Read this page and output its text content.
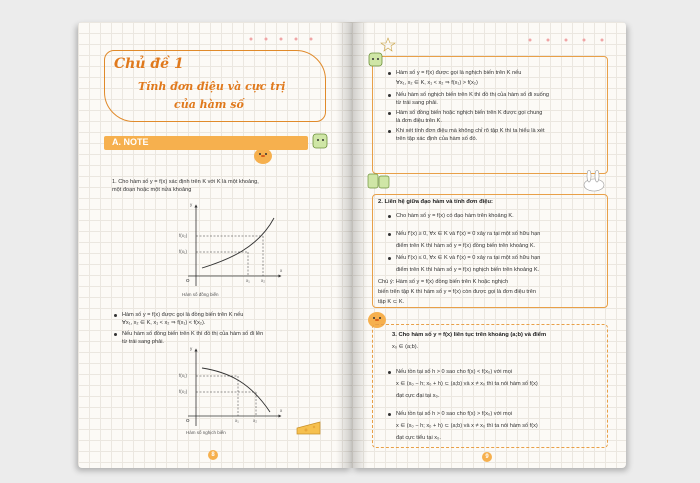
Chủ đề 1
Tính đơn điệu và cực trị
của hàm số
A. NOTE
1. Cho hàm số y = f(x) xác định trên K với K là một khoảng,
một đoạn hoặc một nửa khoảng
y
f(x₂)
f(x₁)
O	x₁ x₂
x
Hàm số đồng biến
Hàm số y = f(x) được gọi là đồng biến trên K nếu
∀x₁, x₂ ∈ K, x₁ < x₂ ⇒ f(x₁) < f(x₂).
Nếu hàm số đồng biến trên K thì đồ thị của hàm số đi lên
từ trái sang phải.
y
f(x₁)
f(x₂)
O	x₁	x₂
x
Hàm số nghịch biến
8
Hàm số y = f(x) được gọi là nghịch biến trên K nếu
∀x₁, x₂ ∈ K, x₁ < x₂ ⇒ f(x₁) > f(x₂)
Nếu hàm số nghịch biến trên K thì đồ thị của hàm số đi xuống
từ trái sang phải.
Hàm số đồng biến hoặc nghịch biến trên K được gọi chung
là đơn điệu trên K.
Khi xét tính đơn điệu mà không chỉ rõ tập K thì ta hiểu là xét
trên tập xác định của hàm số đó.
2. Liên hệ giữa đạo hàm và tính đơn điệu:
Cho hàm số y = f(x) có đạo hàm trên khoảng K.
Nếu f'(x) ≥ 0, ∀x ∈ K và f'(x) = 0 xảy ra tại một số hữu hạn
điểm trên K thì hàm số y = f(x) đồng biến trên khoảng K.
Nếu f'(x) ≤ 0, ∀x ∈ K và f'(x) = 0 xảy ra tại một số hữu hạn
điểm trên K thì hàm số y = f(x) nghịch biến trên khoảng K.
Chú ý: Hàm số y = f(x) đồng biến trên K hoặc nghịch
biến trên tập K thì hàm số y = f(x) còn được gọi là đơn điệu trên
tập K ⊂ K.
3. Cho hàm số y = f(x) liên tục trên khoảng (a;b) và điểm
x₀ ∈ (a;b).
Nếu tồn tại số h > 0 sao cho f(x) < f(x₀) với mọi
x ∈ (x₀ − h; x₀ + h) ⊂ (a;b) và x ≠ x₀ thì ta nói hàm số f(x)
đạt cực đại tại x₀.
Nếu tồn tại số h > 0 sao cho f(x) > f(x₀) với mọi
x ∈ (x₀ − h; x₀ + h) ⊂ (a;b) và x ≠ x₀ thì ta nói hàm số f(x)
đạt cực tiểu tại x₀.
9
